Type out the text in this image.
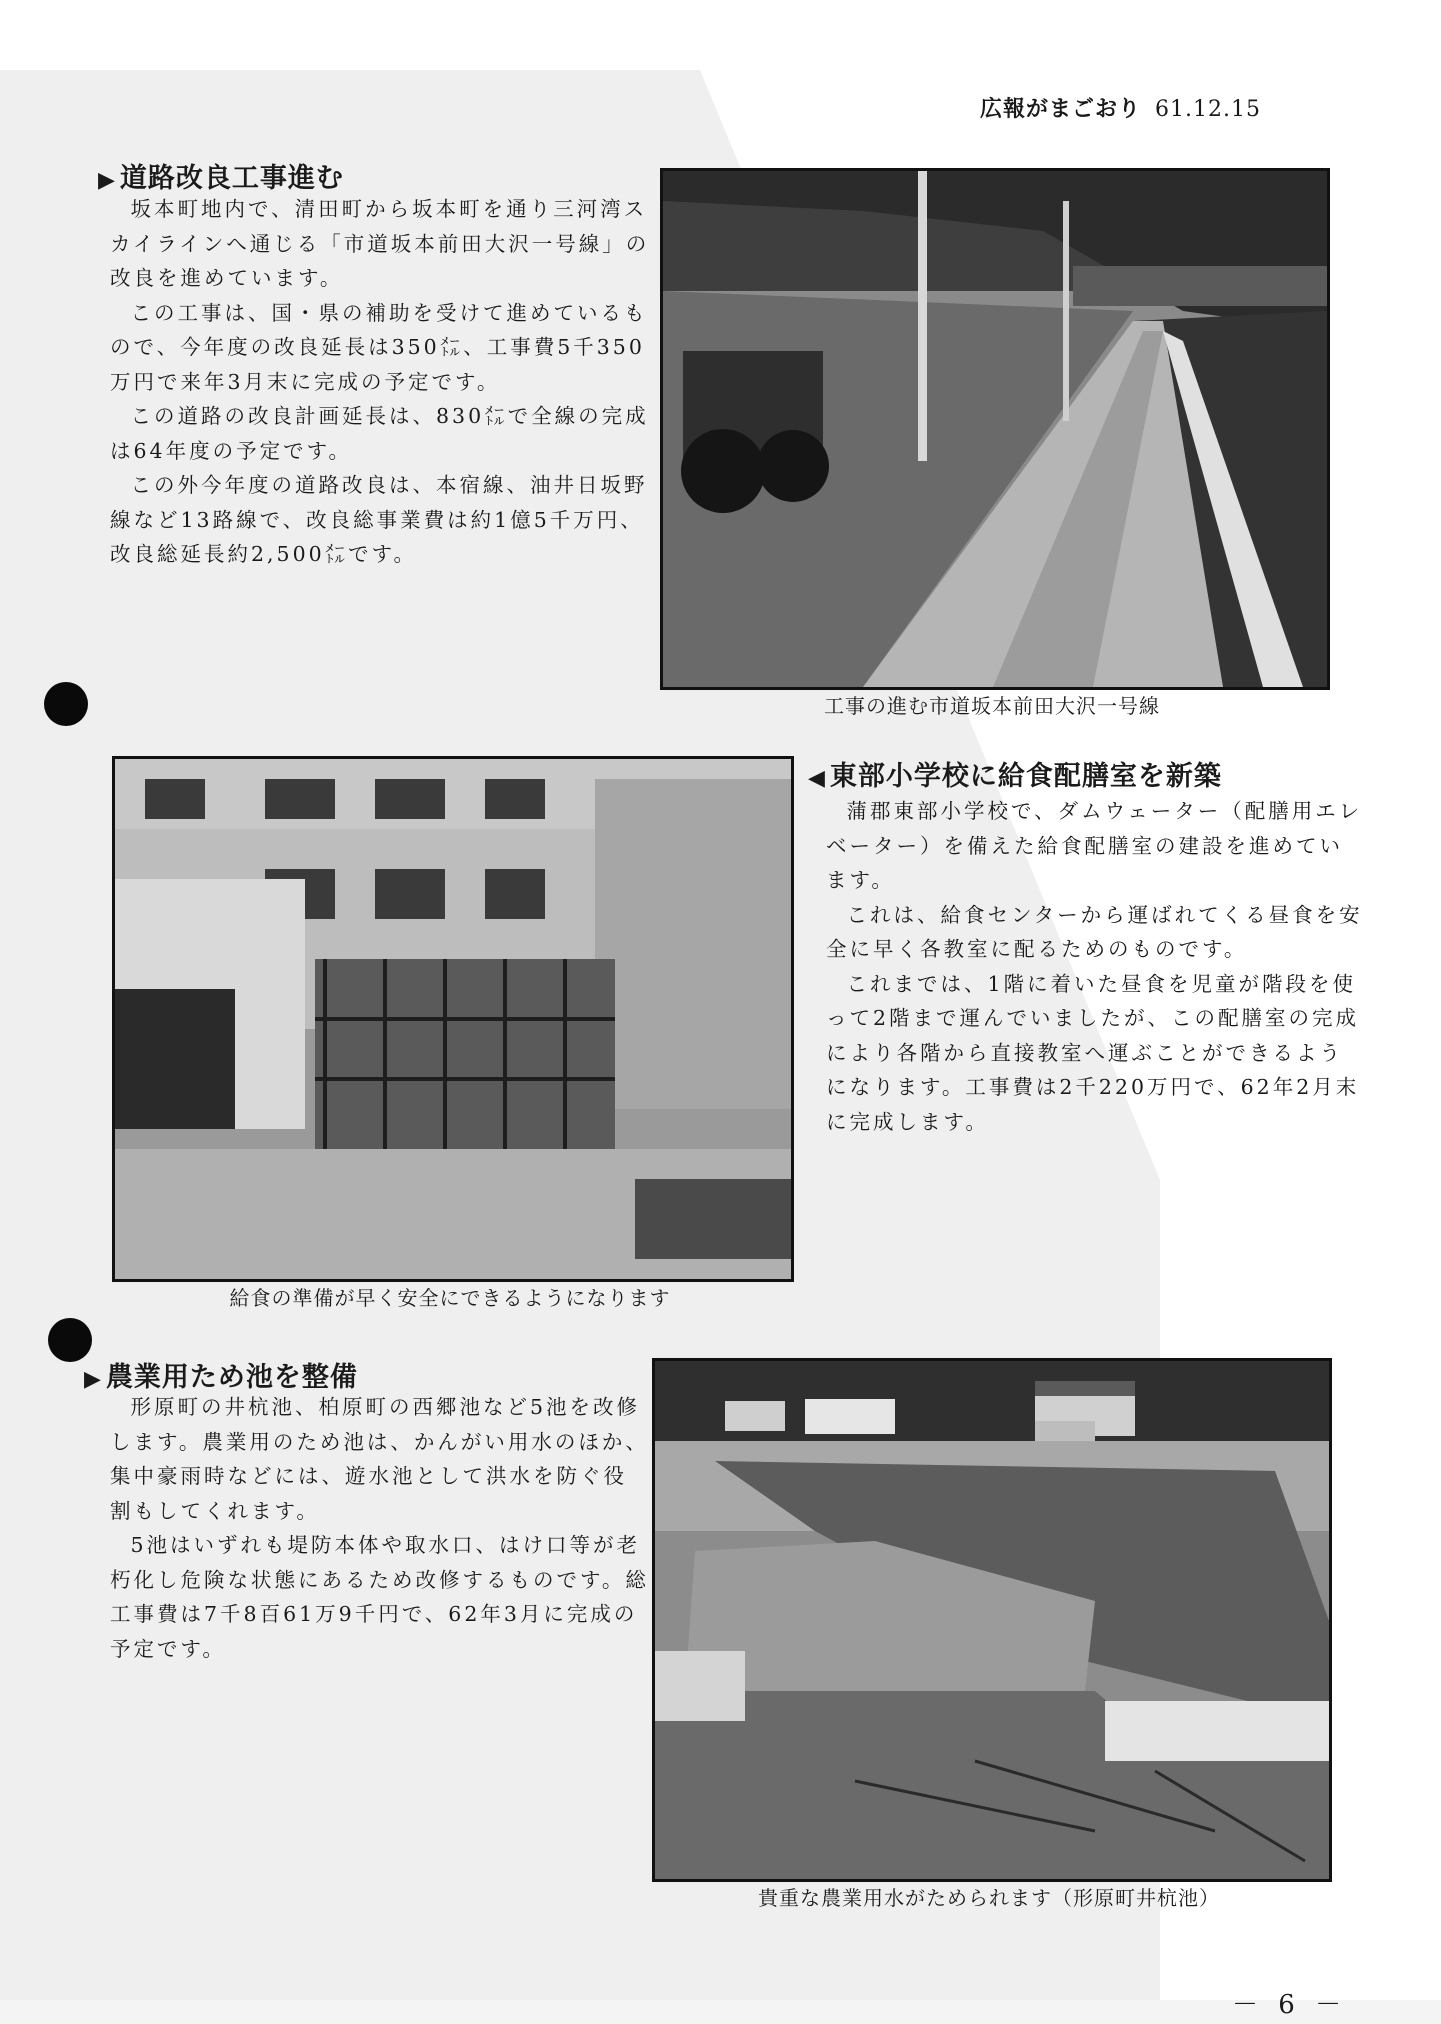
広報がまごおり 61.12.15
▶ 道路改良工事進む

坂本町地内で、清田町から坂本町を通り三河湾スカイラインへ通じる「市道坂本前田大沢一号線」の改良を進めています。

この工事は、国・県の補助を受けて進めているもので、今年度の改良延長は350㍍、工事費5千350万円で来年3月末に完成の予定です。

この道路の改良計画延長は、830㍍で全線の完成は64年度の予定です。

この外今年度の道路改良は、本宿線、油井日坂野線など13路線で、改良総事業費は約1億5千万円、改良総延長約2,500㍍です。

工事の進む市道坂本前田大沢一号線
給食の準備が早く安全にできるようになります
◀ 東部小学校に給食配膳室を新築

蒲郡東部小学校で、ダムウェーター（配膳用エレベーター）を備えた給食配膳室の建設を進めています。

これは、給食センターから運ばれてくる昼食を安全に早く各教室に配るためのものです。

これまでは、1階に着いた昼食を児童が階段を使って2階まで運んでいましたが、この配膳室の完成により各階から直接教室へ運ぶことができるようになります。工事費は2千220万円で、62年2月末に完成します。

▶ 農業用ため池を整備

形原町の井杭池、柏原町の西郷池など5池を改修します。農業用のため池は、かんがい用水のほか、集中豪雨時などには、遊水池として洪水を防ぐ役割もしてくれます。

5池はいずれも堤防本体や取水口、はけ口等が老朽化し危険な状態にあるため改修するものです。総工事費は7千8百61万9千円で、62年3月に完成の予定です。

貴重な農業用水がためられます（形原町井杭池）
－ 6 －
